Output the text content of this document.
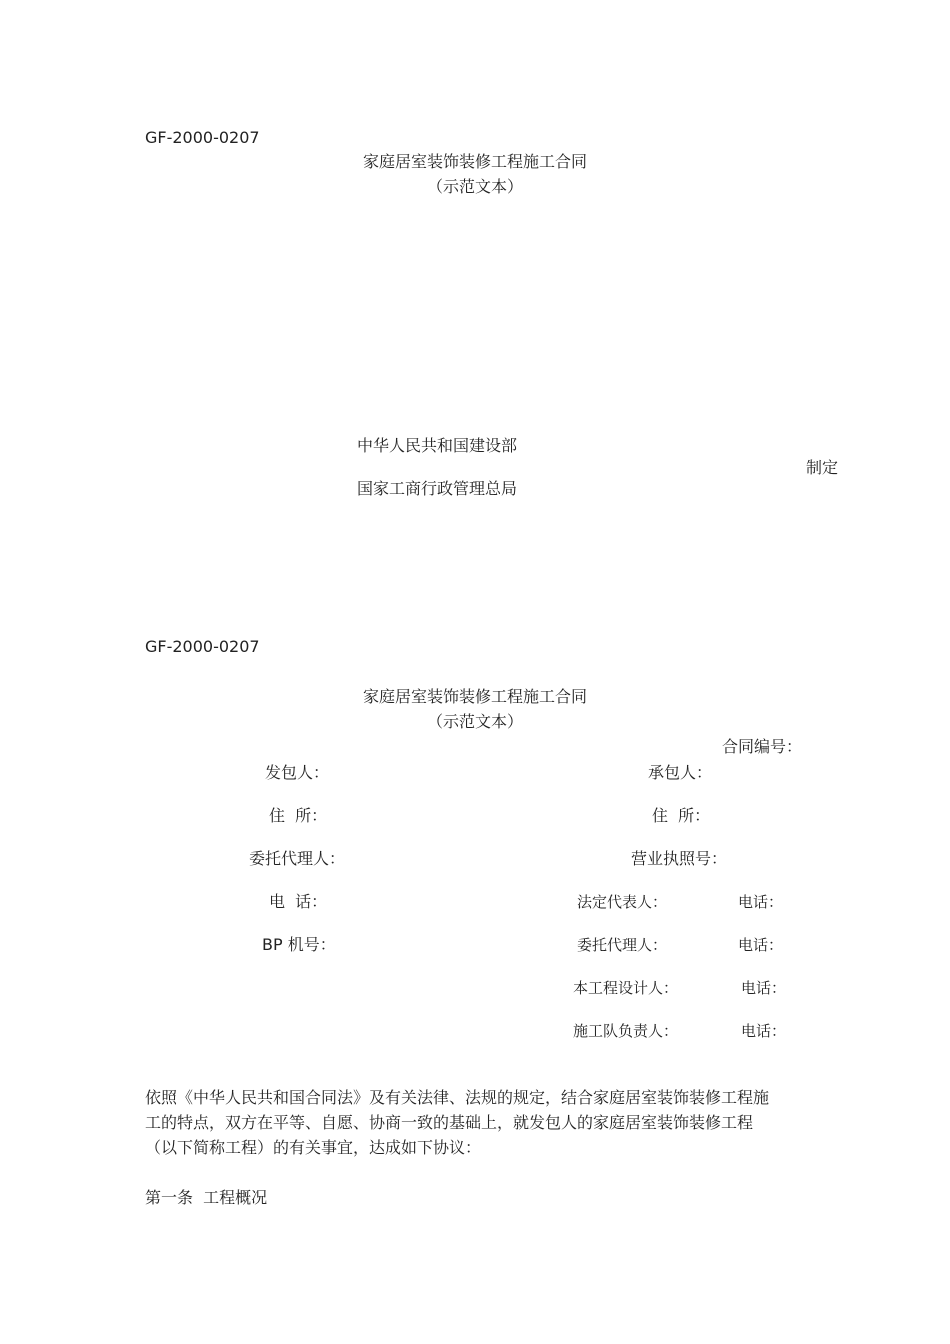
GF-2000-0207
家庭居室装饰装修工程施工合同
（示范文本）
中华人民共和国建设部
制定
国家工商行政管理总局
GF-2000-0207
家庭居室装饰装修工程施工合同
（示范文本）
合同编号：
发包人：
住  所：
委托代理人：
电  话：
BP 机号：
承包人：
住  所：
营业执照号：
法定代表人：	电话：
委托代理人：	电话：
本工程设计人：	电话：
施工队负责人：	电话：
依照《中华人民共和国合同法》及有关法律、法规的规定，结合家庭居室装饰装修工程施
工的特点，双方在平等、自愿、协商一致的基础上，就发包人的家庭居室装饰装修工程
（以下简称工程）的有关事宜，达成如下协议：
第一条  工程概况
